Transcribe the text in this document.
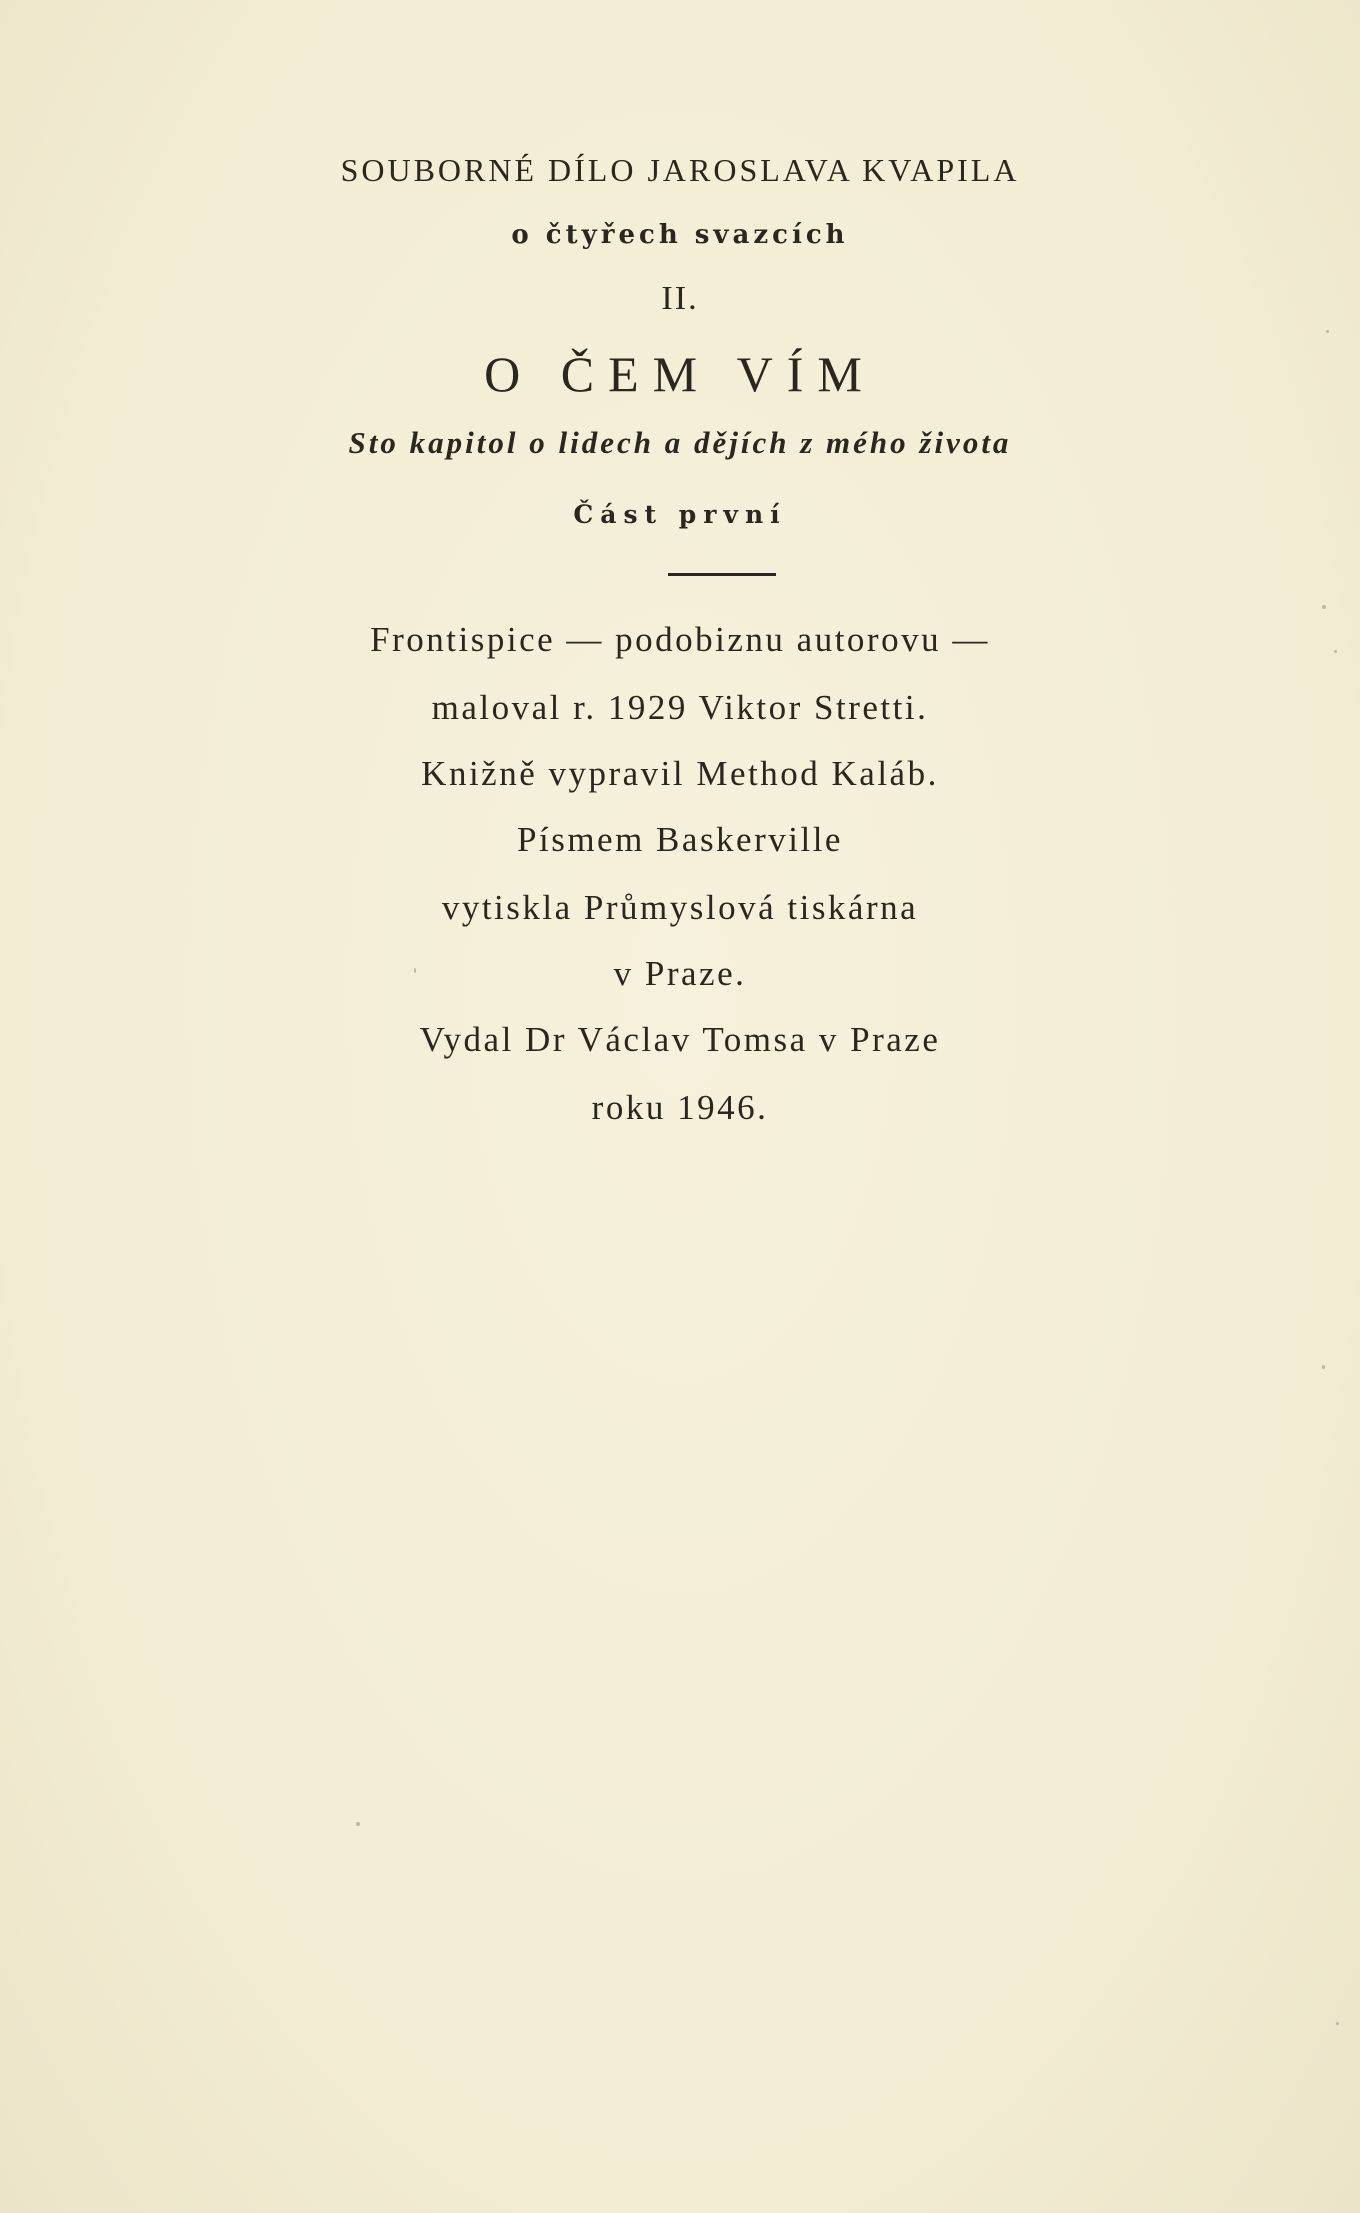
SOUBORNÉ DÍLO JAROSLAVA KVAPILA
o čtyřech svazcích
II.
O ČEM VÍM
Sto kapitol o lidech a dějích z mého života
Část první
Frontispice — podobiznu autorovu —
maloval r. 1929 Viktor Stretti.
Knižně vypravil Method Kaláb.
Písmem Baskerville
vytiskla Průmyslová tiskárna
v Praze.
Vydal Dr Václav Tomsa v Praze
roku 1946.
